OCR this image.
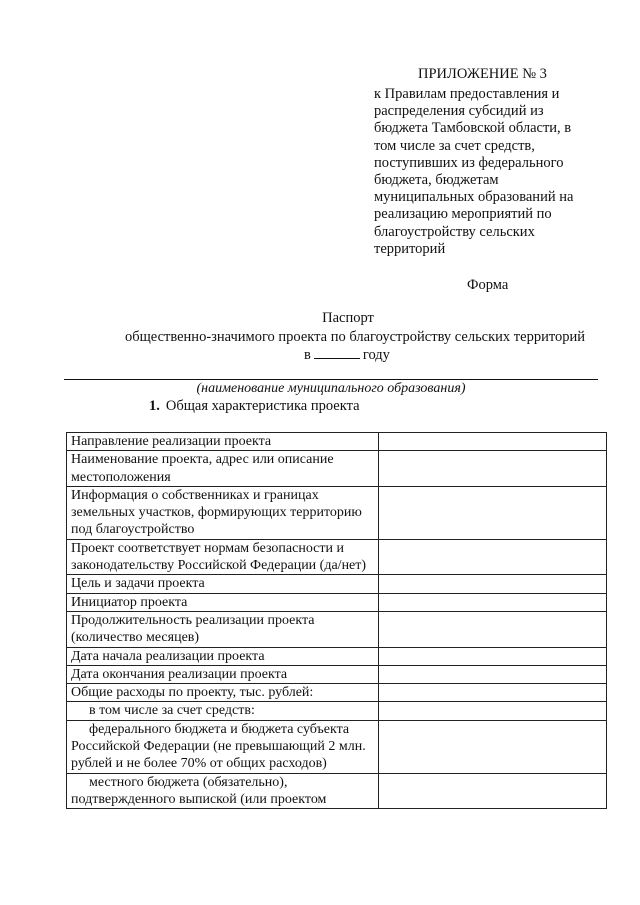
ПРИЛОЖЕНИЕ № 3
к Правилам предоставления и
распределения субсидий из
бюджета Тамбовской области, в
том числе за счет средств,
поступивших из федерального
бюджета, бюджетам
муниципальных образований на
реализацию мероприятий по
благоустройству сельских
территорий
Форма
Паспорт
общественно-значимого проекта по благоустройству сельских территорий
в	году
(наименование муниципального образования)
1. Общая характеристика проекта
Направление реализации проекта	
Наименование проекта, адрес или описание местоположения	
Информация о собственниках и границах земельных участков, формирующих территорию под благоустройство	
Проект соответствует нормам безопасности и законодательству Российской Федерации (да/нет)	
Цель и задачи проекта	
Инициатор проекта	
Продолжительность реализации проекта (количество месяцев)	
Дата начала реализации проекта	
Дата окончания реализации проекта	
Общие расходы по проекту, тыс. рублей:	
в том числе за счет средств:	
федерального бюджета и бюджета субъекта Российской Федерации (не превышающий 2 млн. рублей и не более 70% от общих расходов)	
местного бюджета (обязательно), подтвержденного выпиской (или проектом	
